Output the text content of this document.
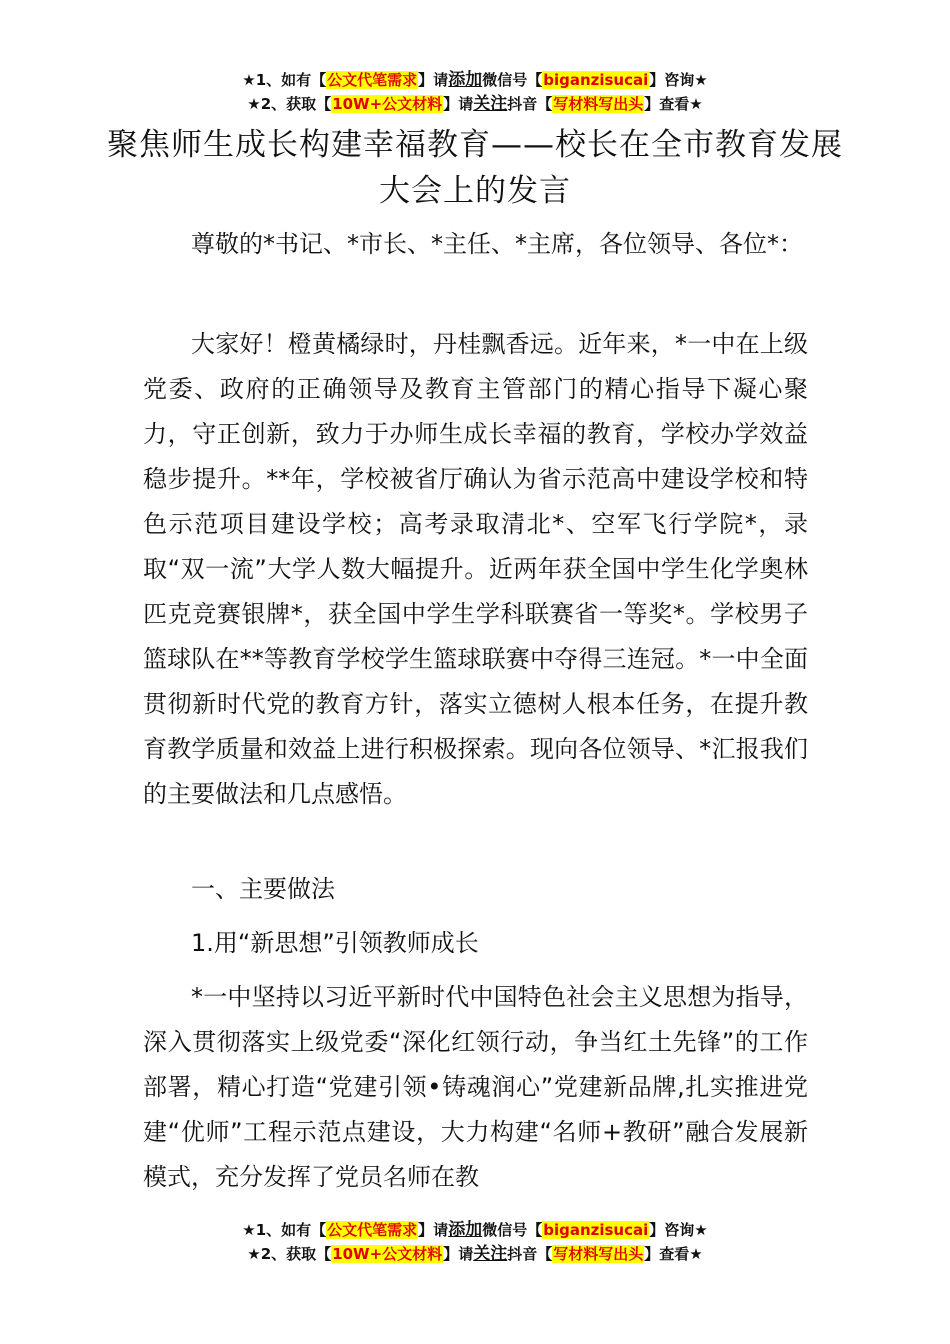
★1、如有【公文代笔需求】请添加微信号【biganzisucai】咨询★
★2、获取【10W+公文材料】请关注抖音【写材料写出头】查看★
聚焦师生成长构建幸福教育——校长在全市教育发展大会上的发言

尊敬的*书记、*市长、*主任、*主席，各位领导、各位*：

大家好！橙黄橘绿时，丹桂飘香远。近年来，*一中在上级党委、政府的正确领导及教育主管部门的精心指导下凝心聚力，守正创新，致力于办师生成长幸福的教育，学校办学效益稳步提升。**年，学校被省厅确认为省示范高中建设学校和特色示范项目建设学校；高考录取清北*、空军飞行学院*，录取“双一流”大学人数大幅提升。近两年获全国中学生化学奥林匹克竞赛银牌*，获全国中学生学科联赛省一等奖*。学校男子篮球队在**等教育学校学生篮球联赛中夺得三连冠。*一中全面贯彻新时代党的教育方针，落实立德树人根本任务，在提升教育教学质量和效益上进行积极探索。现向各位领导、*汇报我们的主要做法和几点感悟。

一、主要做法

1.用“新思想”引领教师成长

*一中坚持以习近平新时代中国特色社会主义思想为指导，深入贯彻落实上级党委“深化红领行动，争当红土先锋”的工作部署，精心打造“党建引领•铸魂润心”党建新品牌,扎实推进党建“优师”工程示范点建设，大力构建“名师+教研”融合发展新模式，充分发挥了党员名师在教

★1、如有【公文代笔需求】请添加微信号【biganzisucai】咨询★
★2、获取【10W+公文材料】请关注抖音【写材料写出头】查看★
